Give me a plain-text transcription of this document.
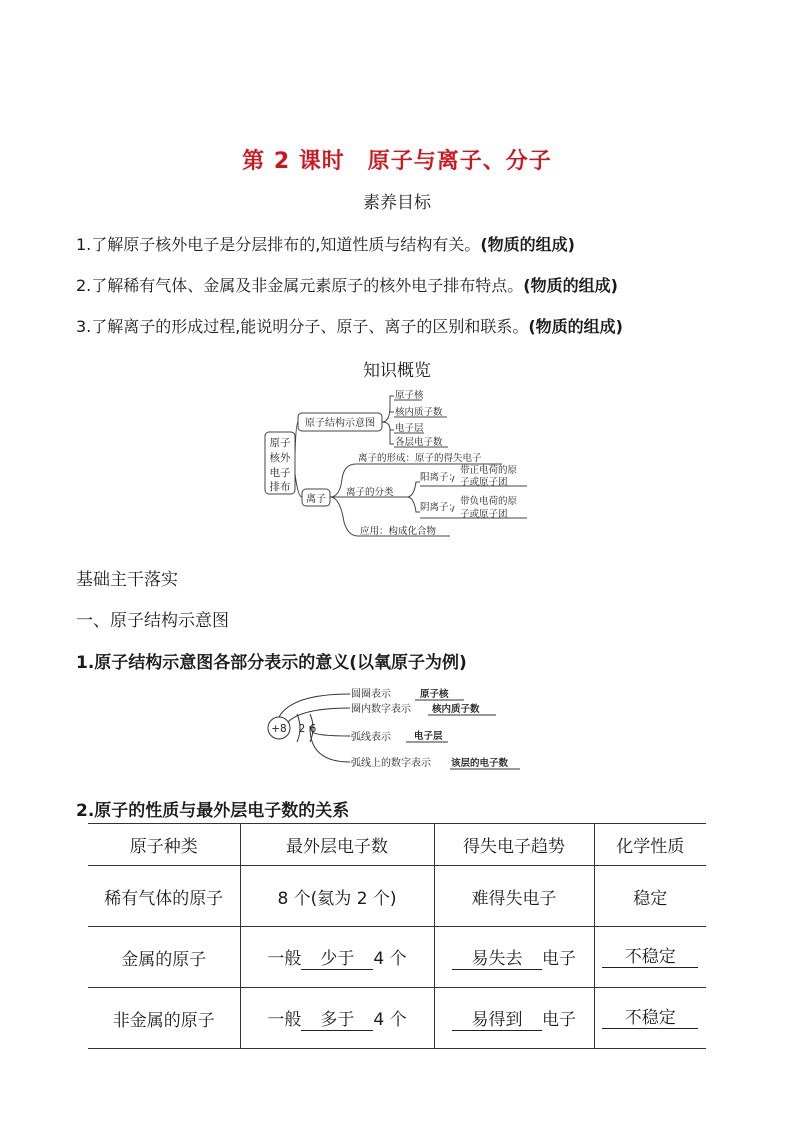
第 2 课时　原子与离子、分子
素养目标
1.了解原子核外电子是分层排布的,知道性质与结构有关。(物质的组成)
2.了解稀有气体、金属及非金属元素原子的核外电子排布特点。(物质的组成)
3.了解离子的形成过程,能说明分子、原子、离子的区别和联系。(物质的组成)
知识概览
原子
核外
电子
排布
原子结构示意图
原子核
核内质子数
电子层
各层电子数
离子
离子的形成：原子的得失电子
离子的分类
阳离子：
带正电荷的原
子或原子团
阴离子：
带负电荷的原
子或原子团
应用：构成化合物
基础主干落实
一、原子结构示意图
1.原子结构示意图各部分表示的意义(以氧原子为例)
+8 2 6
圆圈表示	原子核
圈内数字表示 核内质子数
弧线表示 电子层
弧线上的数字表示 该层的电子数
2.原子的性质与最外层电子数的关系
原子种类	最外层电子数	得失电子趋势	化学性质
稀有气体的原子	8 个(氦为 2 个)	难得失电子	稳定
金属的原子	一般 少于 4 个	易失去 电子	不稳定
非金属的原子	一般 多于 4 个	易得到 电子	不稳定
